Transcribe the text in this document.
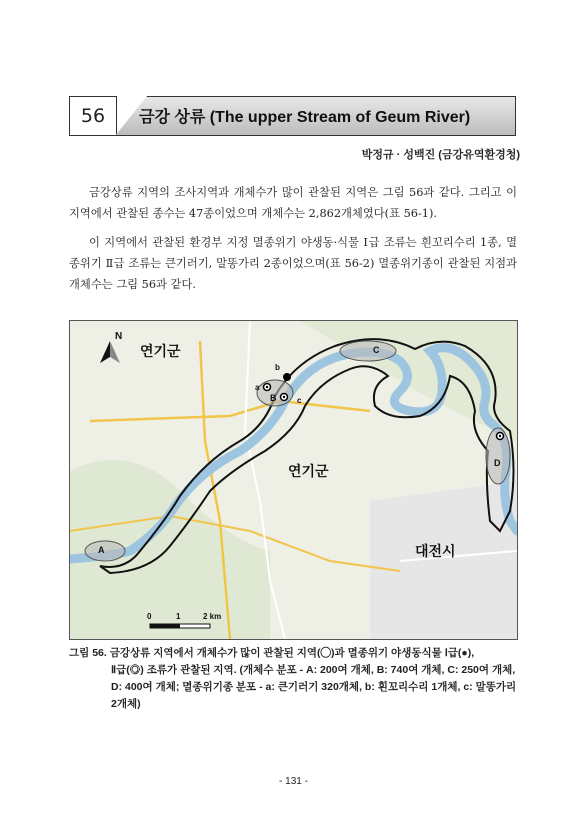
56	금강 상류 (The upper Stream of Geum River)
박정규 · 성백진 (금강유역환경청)

금강상류 지역의 조사지역과 개체수가 많이 관찰된 지역은 그림 56과 같다. 그리고 이 지역에서 관찰된 종수는 47종이었으며 개체수는 2,862개체였다(표 56-1).

이 지역에서 관찰된 환경부 지정 멸종위기 야생동·식물 Ⅰ급 조류는 흰꼬리수리 1종, 멸종위기 Ⅱ급 조류는 큰기러기, 말똥가리 2종이었으며(표 56-2) 멸종위기종이 관찰된 지점과 개체수는 그림 56과 같다.

N
연기군
연기군
대전시
A
B
C
D
a
b
c
0	1	2 km
그림 56. 금강상류 지역에서 개체수가 많이 관찰된 지역(◯)과 멸종위기 야생동식물 Ⅰ급(●),
Ⅱ급(◎) 조류가 관찰된 지역. (개체수 분포 - A: 200여 개체, B: 740여 개체, C: 250여 개체, D: 400여 개체; 멸종위기종 분포 - a: 큰기러기 320개체, b: 흰꼬리수리 1개체, c: 말똥가리 2개체)
- 131 -
